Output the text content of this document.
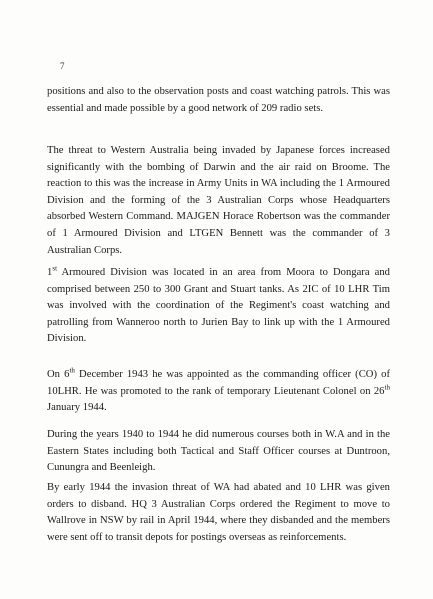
7

positions and also to the observation posts and coast watching patrols. This was essential and made possible by a good network of 209 radio sets.

The threat to Western Australia being invaded by Japanese forces increased significantly with the bombing of Darwin and the air raid on Broome. The reaction to this was the increase in Army Units in WA including the 1 Armoured Division and the forming of the 3 Australian Corps whose Headquarters absorbed Western Command. MAJGEN Horace Robertson was the commander of 1 Armoured Division and LTGEN Bennett was the commander of 3 Australian Corps.

1st Armoured Division was located in an area from Moora to Dongara and comprised between 250 to 300 Grant and Stuart tanks. As 2IC of 10 LHR Tim was involved with the coordination of the Regiment's coast watching and patrolling from Wanneroo north to Jurien Bay to link up with the 1 Armoured Division.

On 6th December 1943 he was appointed as the commanding officer (CO) of 10LHR. He was promoted to the rank of temporary Lieutenant Colonel on 26th January 1944.

During the years 1940 to 1944 he did numerous courses both in W.A and in the Eastern States including both Tactical and Staff Officer courses at Duntroon, Cunungra and Beenleigh.

By early 1944 the invasion threat of WA had abated and 10 LHR was given orders to disband. HQ 3 Australian Corps ordered the Regiment to move to Wallrove in NSW by rail in April 1944, where they disbanded and the members were sent off to transit depots for postings overseas as reinforcements.
